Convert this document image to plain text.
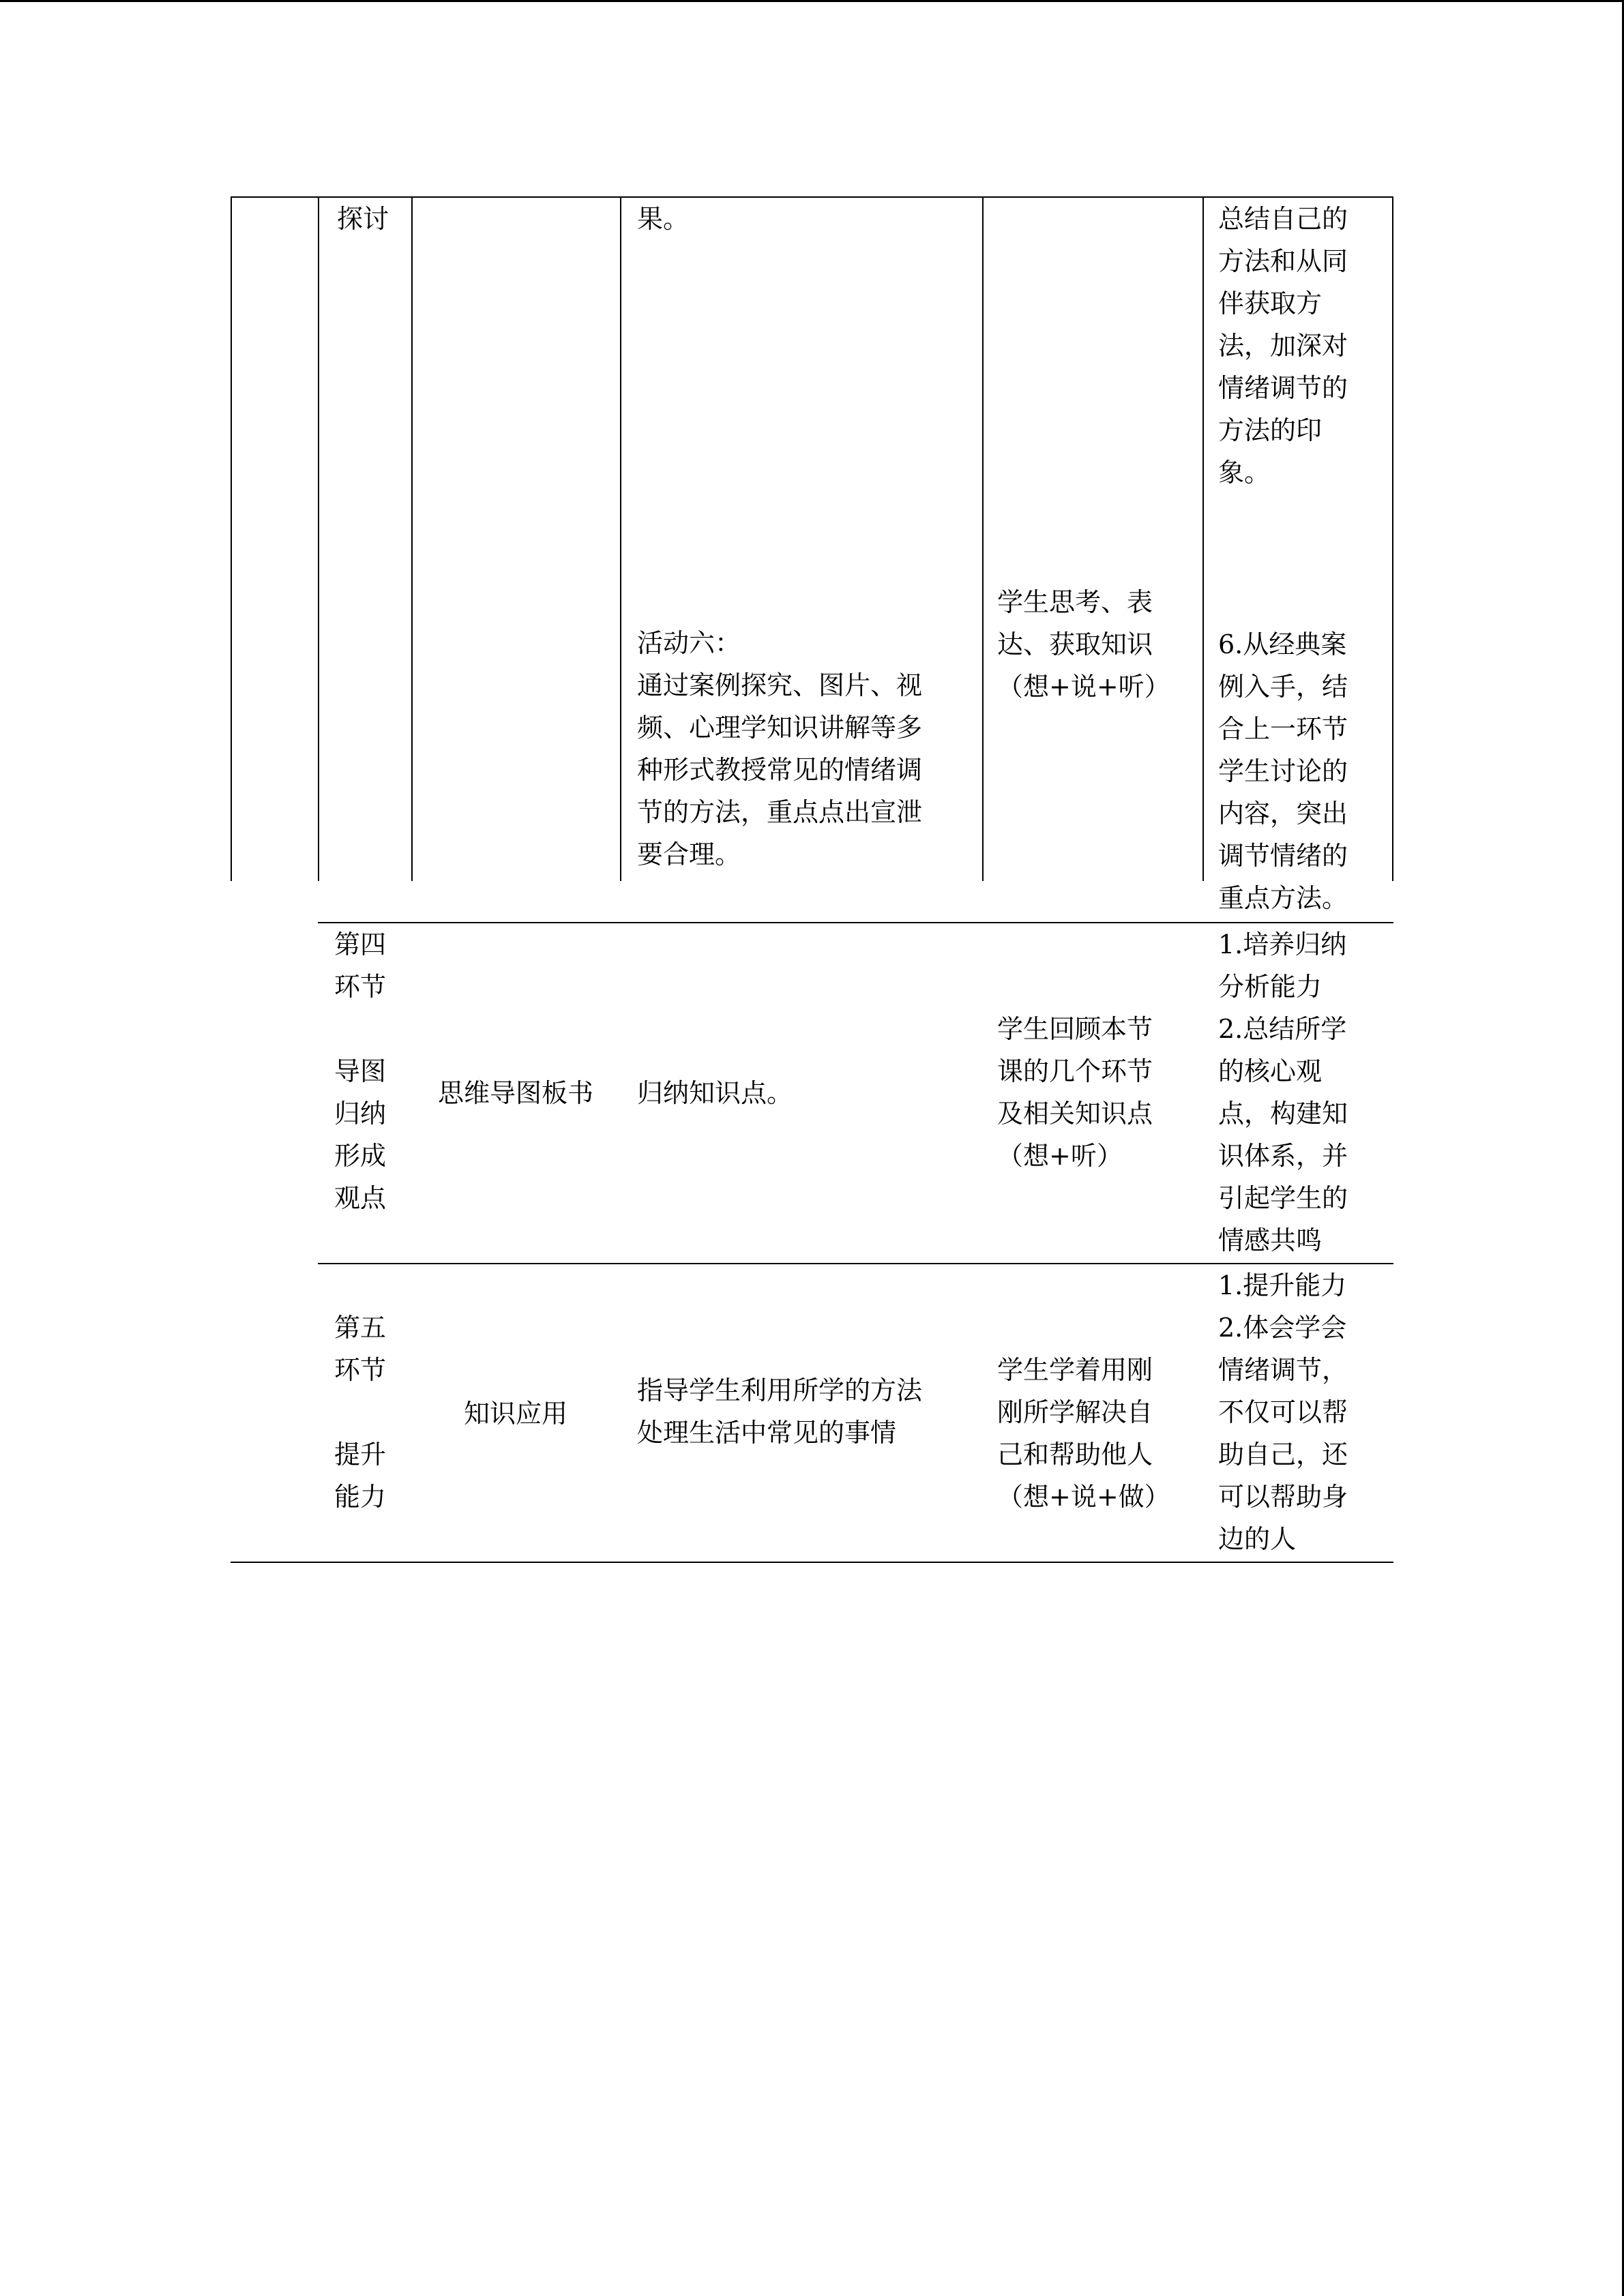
探讨	果。
活动六：
通过案例探究、图片、视
频、心理学知识讲解等多
种形式教授常见的情绪调
节的方法，重点点出宣泄
要合理。
学生思考、表
达、获取知识
（想+说+听）
总结自己的
方法和从同
伴获取方
法，加深对
情绪调节的
方法的印
象。
6.从经典案
例入手，结
合上一环节
学生讨论的
内容，突出
调节情绪的
重点方法。
第四
环节

导图
归纳
形成
观点
思维导图板书	归纳知识点。
学生回顾本节
课的几个环节
及相关知识点
（想+听）
1.培养归纳
分析能力
2.总结所学
的核心观
点，构建知
识体系，并
引起学生的
情感共鸣
第五
环节

提升
能力
知识应用
指导学生利用所学的方法
处理生活中常见的事情
学生学着用刚
刚所学解决自
己和帮助他人
（想+说+做）
1.提升能力
2.体会学会
情绪调节，
不仅可以帮
助自己，还
可以帮助身
边的人
